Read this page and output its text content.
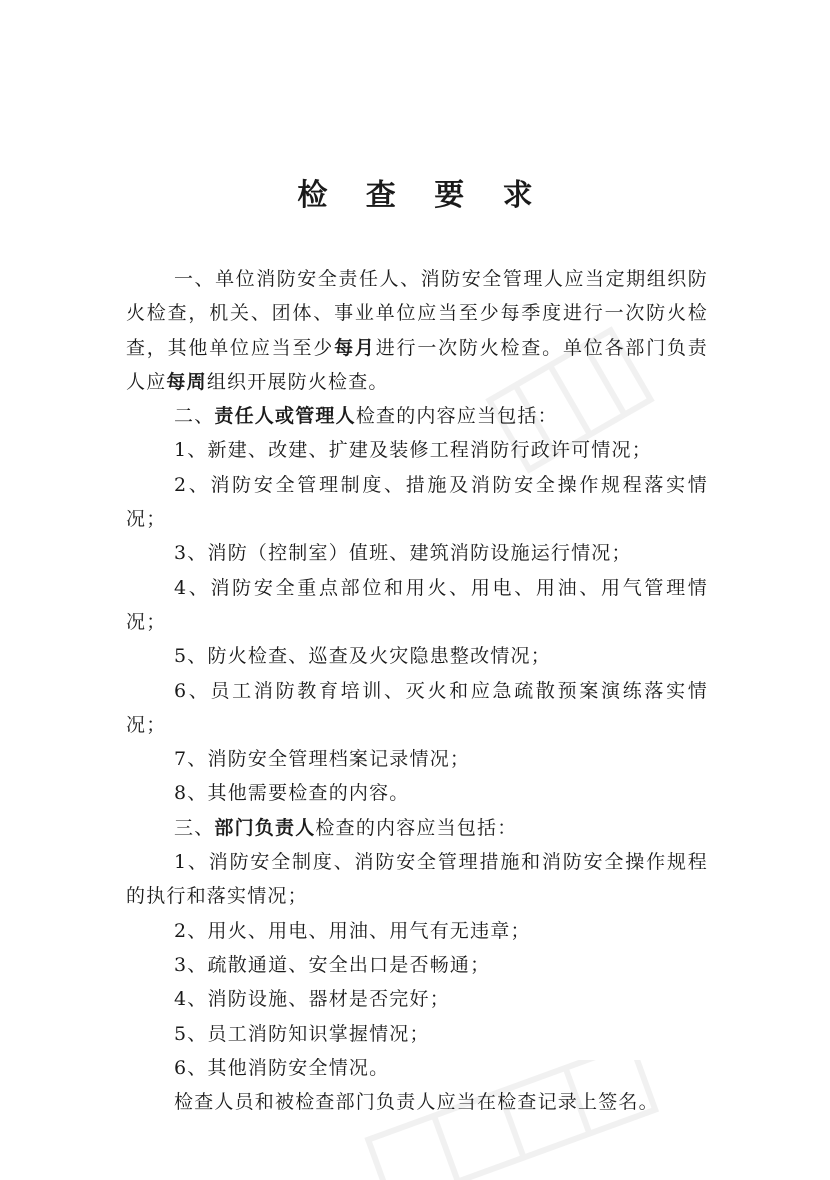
检 查 要 求

一、单位消防安全责任人、消防安全管理人应当定期组织防火检查，机关、团体、事业单位应当至少每季度进行一次防火检查，其他单位应当至少每月进行一次防火检查。单位各部门负责人应每周组织开展防火检查。

二、责任人或管理人检查的内容应当包括：

1、新建、改建、扩建及装修工程消防行政许可情况；

2、消防安全管理制度、措施及消防安全操作规程落实情况；

3、消防（控制室）值班、建筑消防设施运行情况；

4、消防安全重点部位和用火、用电、用油、用气管理情况；

5、防火检查、巡查及火灾隐患整改情况；

6、员工消防教育培训、灭火和应急疏散预案演练落实情况；

7、消防安全管理档案记录情况；

8、其他需要检查的内容。

三、部门负责人检查的内容应当包括：

1、消防安全制度、消防安全管理措施和消防安全操作规程的执行和落实情况；

2、用火、用电、用油、用气有无违章；

3、疏散通道、安全出口是否畅通；

4、消防设施、器材是否完好；

5、员工消防知识掌握情况；

6、其他消防安全情况。

检查人员和被检查部门负责人应当在检查记录上签名。
